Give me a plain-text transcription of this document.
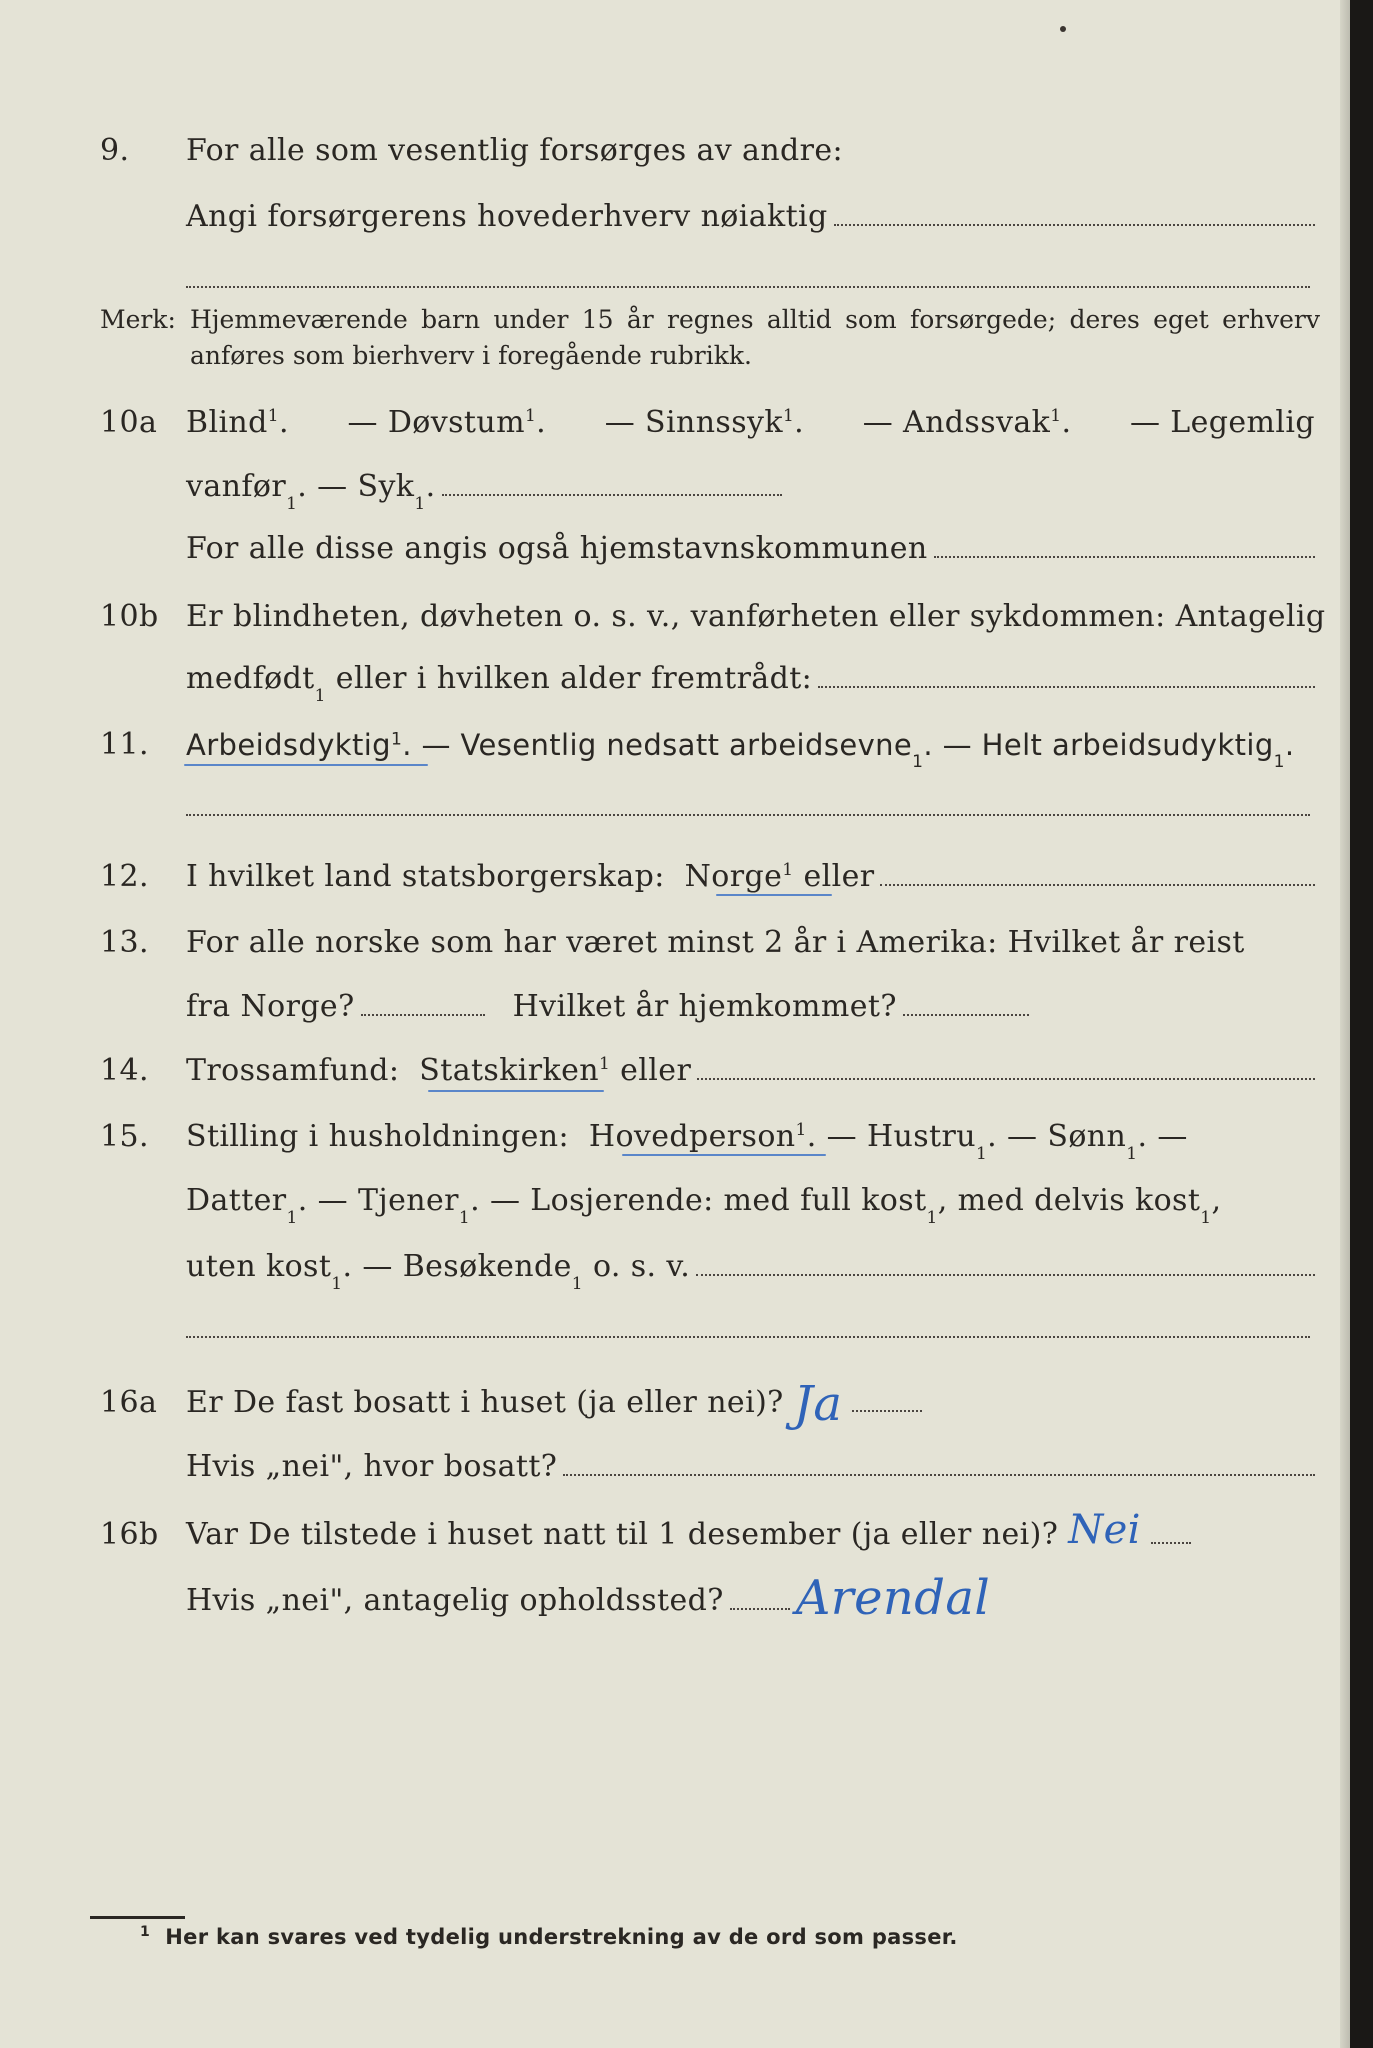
9. For alle som vesentlig forsørges av andre:
Angi forsørgerens hovederhverv nøiaktig
Merk: Hjemmeværende barn under 15 år regnes alltid som forsørgede; deres eget erhverv anføres som bierhverv i foregående rubrikk.
10a Blind$^1$. — Døvstum$^1$. — Sinnssyk$^1$. — Andssvak$^1$. — Legemlig
vanfør 1 . — Syk 1 .
For alle disse angis også hjemstavnskommunen
10b Er blindheten, døvheten o. s. v., vanførheten eller sykdommen: Antagelig
medfødt 1
eller i hvilken alder fremtrådt:
11. Arbeidsdyktig$^1$ . — Vesentlig nedsatt arbeidsevne 1 . — Helt arbeidsudyktig 1 .
12. I hvilket land statsborgerskap:
Norge$^1$
eller
13. For alle norske som har været minst 2 år i Amerika: Hvilket år reist
fra Norge?	Hvilket år hjemkommet?
14. Trossamfund:
Statskirken$^1$
eller
15. Stilling i husholdningen:
Hovedperson$^1$ . — Hustru 1 . — Sønn 1 . —
Datter 1 . — Tjener 1 . — Losjerende: med full kost 1 , med delvis kost 1 ,
uten kost 1 . — Besøkende 1
o. s. v.
16a Er De fast bosatt i huset (ja eller nei)? Ja
Hvis „nei", hvor bosatt?
16b Var De tilstede i huset natt til 1 desember (ja eller nei)? Nei
Hvis „nei", antagelig opholdssted? Arendal
$^1$ Her kan svares ved tydelig understrekning av de ord som passer.
